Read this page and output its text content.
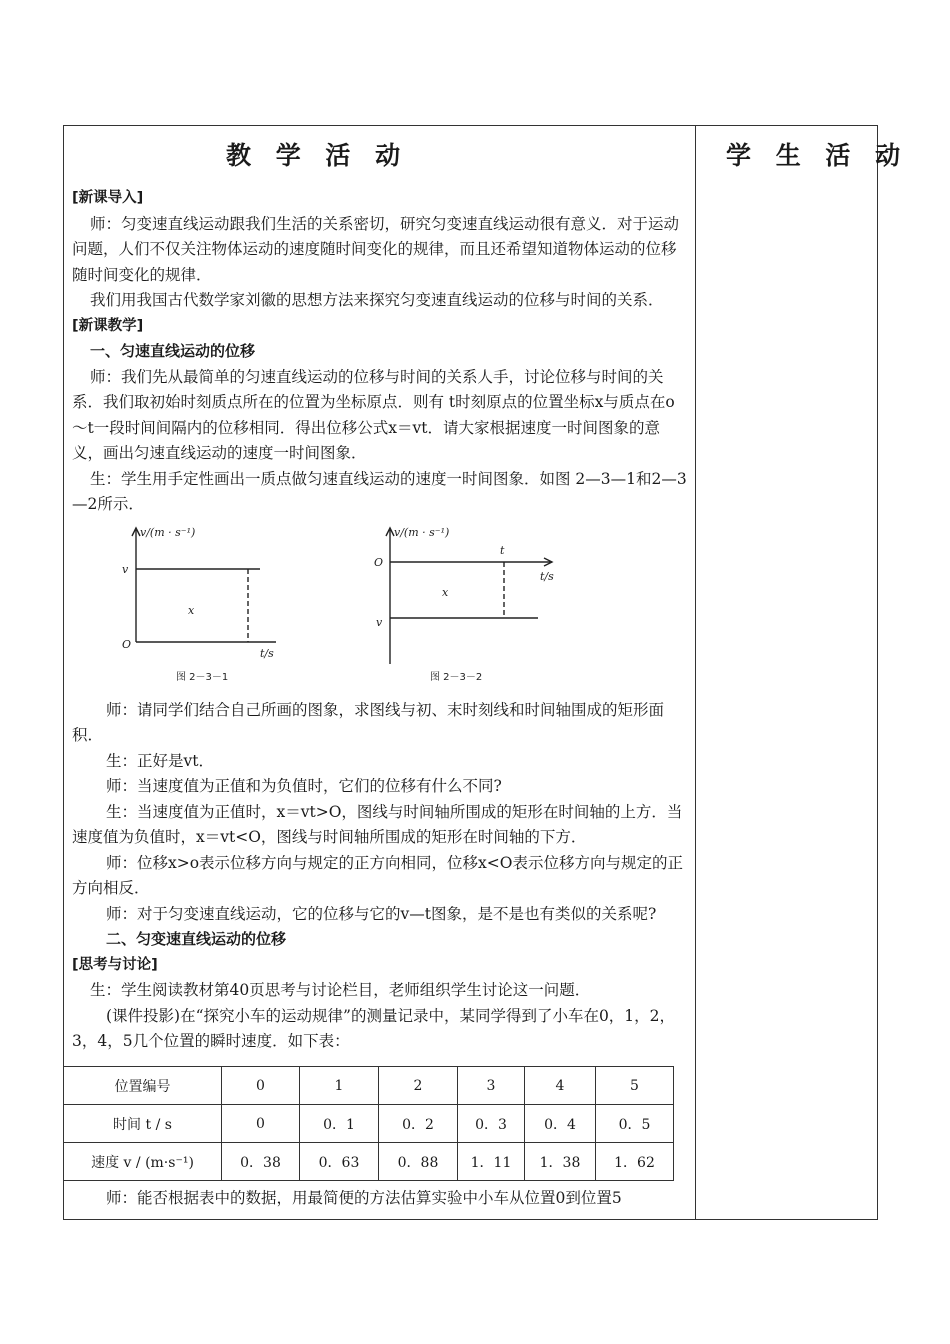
教 学 活 动	学 生 活 动

[新课导入]

师：匀变速直线运动跟我们生活的关系密切，研究匀变速直线运动很有意义．对于运动问题，人们不仅关注物体运动的速度随时间变化的规律，而且还希望知道物体运动的位移随时间变化的规律．

我们用我国古代数学家刘徽的思想方法来探究匀变速直线运动的位移与时间的关系．

[新课教学]

一、匀速直线运动的位移

师：我们先从最简单的匀速直线运动的位移与时间的关系人手，讨论位移与时间的关系．我们取初始时刻质点所在的位置为坐标原点．则有 t时刻原点的位置坐标x与质点在o～t一段时间间隔内的位移相同．得出位移公式x＝vt．请大家根据速度一时间图象的意义，画出匀速直线运动的速度一时间图象．

生：学生用手定性画出一质点做匀速直线运动的速度一时间图象．如图 2—3—1和2—3—2所示．

v/(m · s⁻¹)
v
x
O
t/s
v/(m · s⁻¹)
O
t
t/s
x
v
图 2－3－1	图 2－3－2

师：请同学们结合自己所画的图象，求图线与初、末时刻线和时间轴围成的矩形面积．

生：正好是vt．

师：当速度值为正值和为负值时，它们的位移有什么不同?

生：当速度值为正值时，x＝vt>O，图线与时间轴所围成的矩形在时间轴的上方．当速度值为负值时，x＝vt<O，图线与时间轴所围成的矩形在时间轴的下方．

师：位移x>o表示位移方向与规定的正方向相同，位移x<O表示位移方向与规定的正方向相反．

师：对于匀变速直线运动，它的位移与它的v—t图象，是不是也有类似的关系呢?

二、匀变速直线运动的位移

[思考与讨论]

生：学生阅读教材第40页思考与讨论栏目，老师组织学生讨论这一问题．

(课件投影)在“探究小车的运动规律”的测量记录中，某同学得到了小车在0，1，2，3，4，5几个位置的瞬时速度．如下表：

位置编号	0	1	2	3	4	5
时间 t / s	0	0．1	0．2	0．3	0．4	0．5
速度 v / (m·s⁻¹)	0．38	0．63	0．88	1．11	1．38	1．62
师：能否根据表中的数据，用最简便的方法估算实验中小车从位置0到位置5
